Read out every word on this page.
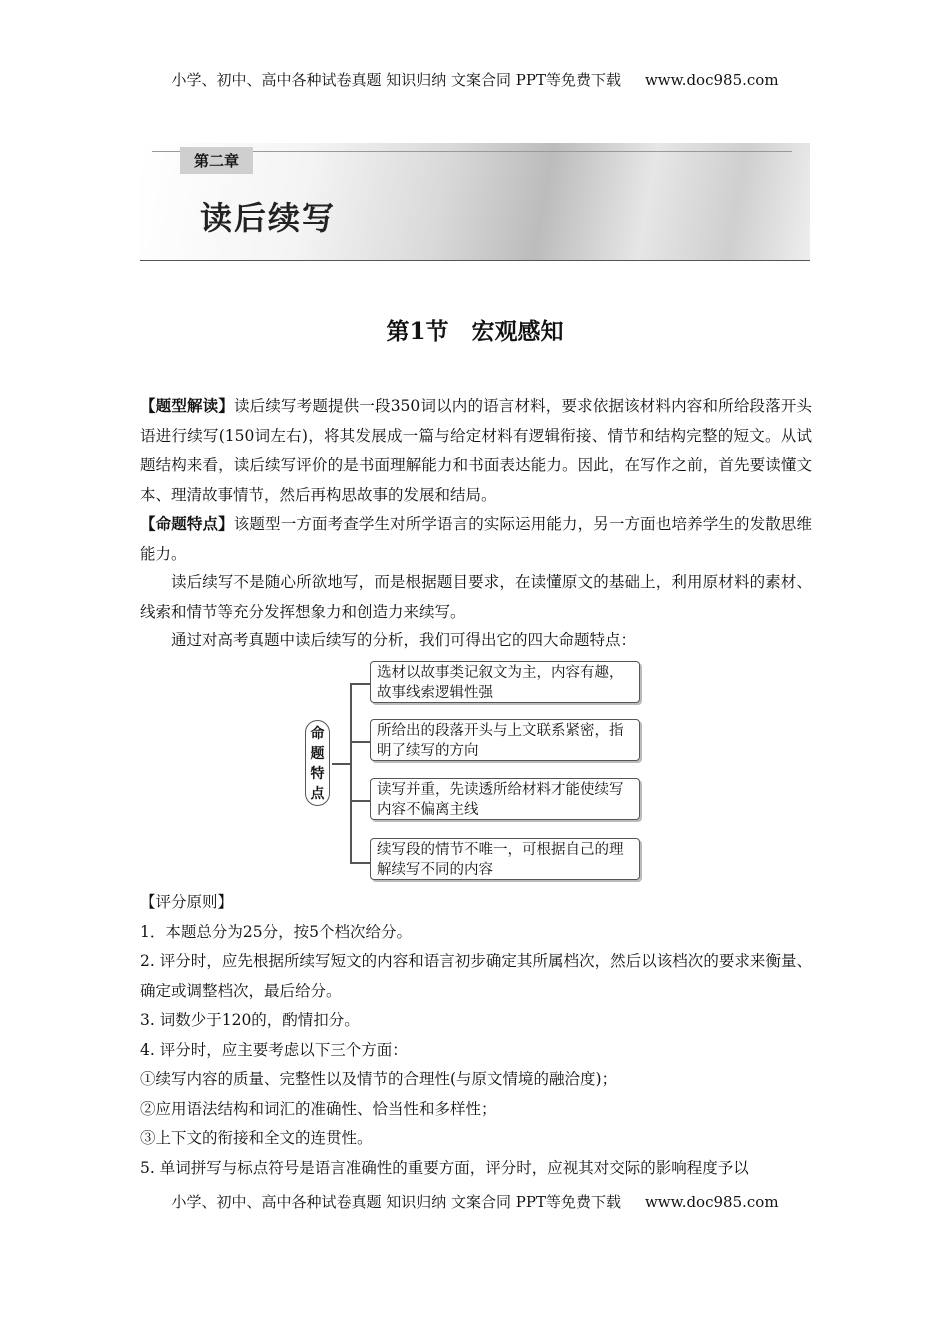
小学、初中、高中各种试卷真题 知识归纳 文案合同 PPT等免费下载 www.doc985.com
第二章
读后续写
第1节　宏观感知
【题型解读】读后续写考题提供一段350词以内的语言材料，要求依据该材料内容和所给段落开头语进行续写(150词左右)，将其发展成一篇与给定材料有逻辑衔接、情节和结构完整的短文。从试题结构来看，读后续写评价的是书面理解能力和书面表达能力。因此，在写作之前，首先要读懂文本、理清故事情节，然后再构思故事的发展和结局。
【命题特点】该题型一方面考查学生对所学语言的实际运用能力，另一方面也培养学生的发散思维能力。
读后续写不是随心所欲地写，而是根据题目要求，在读懂原文的基础上，利用原材料的素材、线索和情节等充分发挥想象力和创造力来续写。
通过对高考真题中读后续写的分析，我们可得出它的四大命题特点：
命题特点
选材以故事类记叙文为主，内容有趣，故事线索逻辑性强
所给出的段落开头与上文联系紧密，指明了续写的方向
读写并重，先读透所给材料才能使续写内容不偏离主线
续写段的情节不唯一，可根据自己的理解续写不同的内容
【评分原则】
1．本题总分为25分，按5个档次给分。
2. 评分时，应先根据所续写短文的内容和语言初步确定其所属档次，然后以该档次的要求来衡量、确定或调整档次，最后给分。
3. 词数少于120的，酌情扣分。
4. 评分时，应主要考虑以下三个方面：
①续写内容的质量、完整性以及情节的合理性(与原文情境的融洽度)；
②应用语法结构和词汇的准确性、恰当性和多样性；
③上下文的衔接和全文的连贯性。
5. 单词拼写与标点符号是语言准确性的重要方面，评分时，应视其对交际的影响程度予以
小学、初中、高中各种试卷真题 知识归纳 文案合同 PPT等免费下载 www.doc985.com
